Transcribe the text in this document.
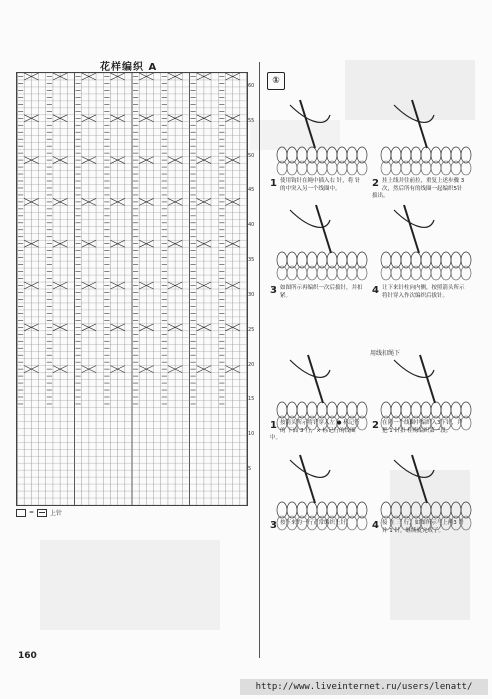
花样编织 A
5
10
15
20
25
30
35
40
45
50
55
60
=	上针
①
用线扣绳下
1 使用钩针在绳中插入右 针，将 针的中突入另一个线圈中。	2 挂上线并往前拉，重复上述步骤 3 次，然后所有的线圈一起编织5针拔出。
3 如图所示再编织一次后拔针，并扣紧。	4 让下来针柱向内侧，按照箭头所示将针穿入作次编织后拔针。
1 按箭头所示将针穿入左 ● 标记行的 下面 3 行，× 标记行的线圈中。
2 在同一个线圈中编织入3下针，并把 1 针扣 桂梅编织第一段。
3 按下来的一行正常编织上针。	4 接 在 三 行，如图所示与上两3 针并 1 针，继续就完成了。
160
http://www.liveinternet.ru/users/lenatt/
